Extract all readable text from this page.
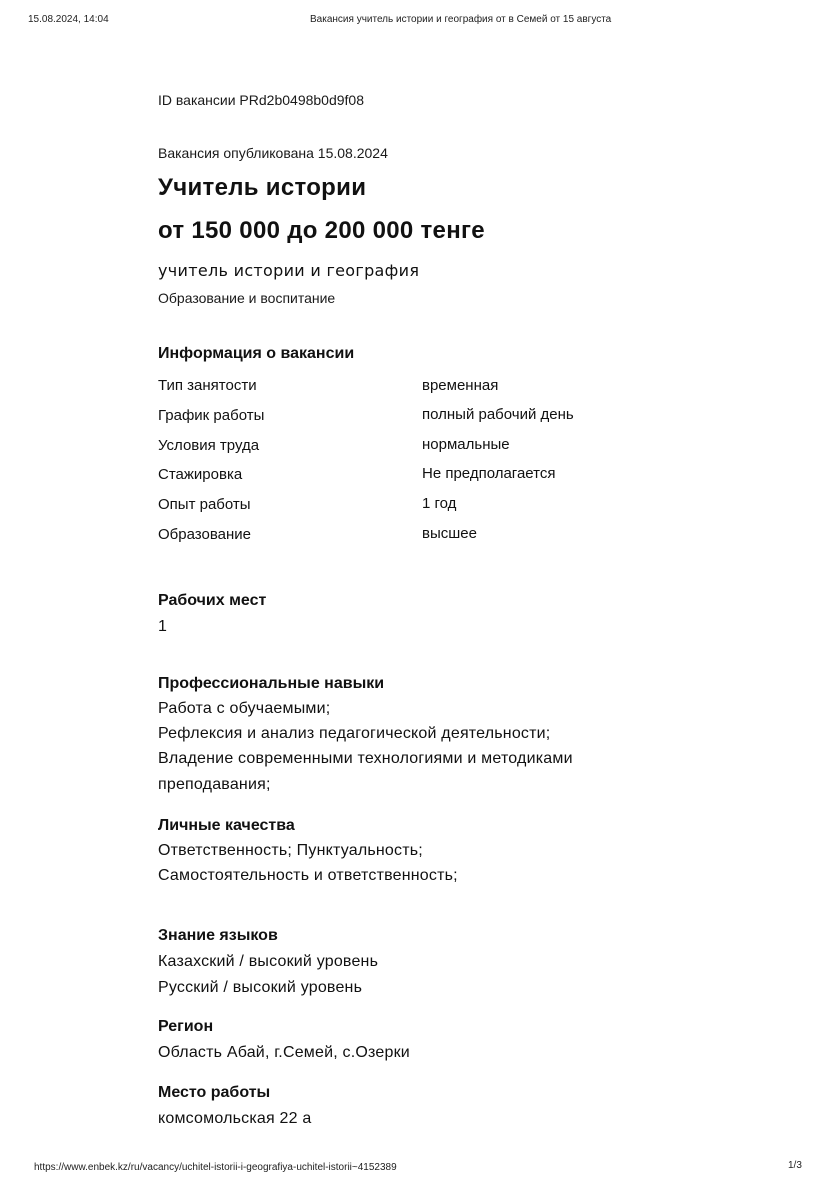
15.08.2024, 14:04	Вакансия учитель истории и география от в Семей от 15 августа
ID вакансии PRd2b0498b0d9f08
Вакансия опубликована 15.08.2024
Учитель истории
от 150 000 до 200 000 тенге
учитель истории и география
Образование и воспитание
Информация о вакансии
Тип занятости	временная
График работы	полный рабочий день
Условия труда	нормальные
Стажировка	Не предполагается
Опыт работы	1 год
Образование	высшее
Рабочих мест
1
Профессиональные навыки
Работа с обучаемыми;
Рефлексия и анализ педагогической деятельности;
Владение современными технологиями и методиками
преподавания;
Личные качества
Ответственность; Пунктуальность;
Самостоятельность и ответственность;
Знание языков
Казахский / высокий уровень
Русский / высокий уровень
Регион
Область Абай, г.Семей, с.Озерки
Место работы
комсомольская 22 а
https://www.enbek.kz/ru/vacancy/uchitel-istorii-i-geografiya-uchitel-istorii~4152389	1/3
